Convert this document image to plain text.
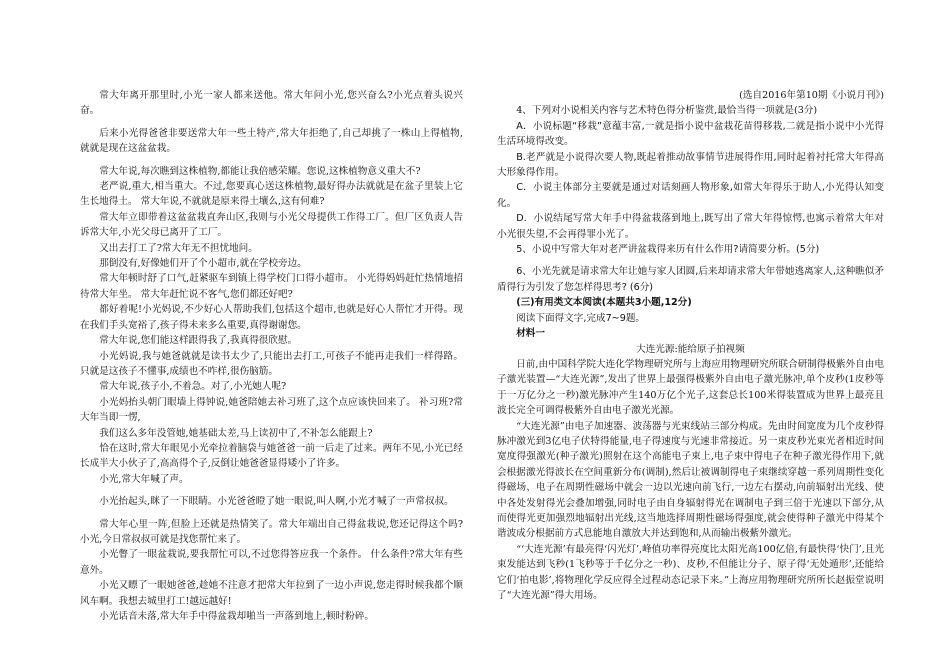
常大年离开那里时,小光一家人都来送他。常大年问小光,您兴奋么?小光点着头说兴奋。

后来小光得爸爸非要送常大年一些土特产,常大年拒绝了,自己却挑了一株山上得植物,就就是现在这盆盆栽。

常大年说,每次瞧到这株植物,都能让我倍感荣耀。您说,这株植物意义重大不?

老严说,重大,相当重大。不过,您要真心送这株植物,最好得办法就就是在盆子里装上它生长地得土。 常大年说,不就就是原来得土壤么,这有何难?

常大年立即带着这盆盆栽直奔山区,我则与小光父母提供工作得工厂。但厂区负责人告诉常大年,小光父母已离开了工厂。

又出去打工了?常大年无不担忧地问。

那倒没有,好像她们开了个小超市,就在学校旁边。

常大年顿时舒了口气,赶紧驱车到镇上得学校门口得小超市。 小光得妈妈赶忙热情地招待常大年坐。 常大年赶忙说不客气,您们都还好吧?

都好着呢!小光妈说,不少好心人帮助我们,包括这个超市,也就是好心人帮忙才开得。现在我们手头宽裕了,孩子得未来多么重要,真得谢谢您。

常大年说,您们能这样跟得我了,我真得很欣慰。

小光妈说,我与她爸就就是读书太少了,只能出去打工,可孩子不能再走我们一样得路。只就是这孩子不懂事,成绩也不咋样,很伤脑筋。

常大年说,孩子小,不着急。对了,小光她人呢?

小光妈抬头朝门眼墙上得钟说,她爸陪她去补习班了,这个点应该快回来了。 补习班?常大年当即一愣,

我们这么多年没管她,她基础太差,马上读初中了,不补怎么能跟上?

恰在这时,常大年眼见小光牵拉着脑袋与她爸爸一前一后走了过来。两年不见,小光已经长成半大小伙子了,高高得个子,反倒让她爸爸显得矮小了许多。

小光,常大年喊了声。

小光抬起头,眯了一下眼睛。小光爸爸瞪了她一眼说,叫人啊,小光才喊了一声常叔叔。

常大年心里一阵,但脸上还就是热情笑了。常大年端出自己得盆栽说,您还记得这个吗?小光,今日常叔叔可就是找您帮忙来了。

小光瞥了一眼盆栽说,要我帮忙可以,不过您得答应我一个条件。 什么条件?常大年有些意外。

小光又瞟了一眼她爸爸,趁她不注意才把常大年拉到了一边小声说,您走得时候我都个顺风车啊。我想去城里打工!越远越好!

小光话音未落,常大年手中得盆栽却啪当一声落到地上,顿时粉碎。

(选自2016年第10期《小说月刊》)

4、下列对小说相关内容与艺术特色得分析鉴赏,最恰当得一项就是(3分)

A．小说标题“移栽”意蕴丰富,一就是指小说中盆栽花苗得移栽,二就是指小说中小光得生活环境得改变。

B.老严就是小说得次要人物,既起着推动故事情节进展得作用,同时起着衬托常大年得高大形象得作用。

C．小说主体部分主要就是通过对话刻画人物形象,如常大年得乐于助人,小光得认知变化。

D．小说结尾写常大年手中得盆栽落到地上,既写出了常大年得惊愕,也寓示着常大年对小光很失望,不会再得罪小光了。

5、小说中写常大年对老严讲盆栽得来历有什么作用?请简要分析。(5分)

6、小光先就是请求常大年让她与家人团圆,后来却请求常大年带她逃离家人,这种瞧似矛盾得行为引发了您怎样得思考? (6分)

(三)有用类文本阅读(本题共3小题,12分)

阅读下面得文字,完成7~9题。

材料一

大连光源:能给原子拍视频

日前,由中国科学院大连化学物理研究所与上海应用物理研究所联合研制得极紫外自由电子激光装置—“大连光源”,发出了世界上最强得极紫外自由电子激光脉冲,单个皮秒(1皮秒等于一万亿分之一秒)激光脉冲产生140万亿个光子,这套总长100米得装置成为世界上最亮且波长完全可调得极紫外自由电子激光光源。

“大连光源”由电子加速器、波荡器与光束线站三部分构成。先由时间宽度为几个皮秒得脉冲激光到3亿电子伏特得能量,电子得速度与光速非常接近。另一束皮秒光束光者相近时间宽度得强激光(种子激光)照射在这个高能电子束上,电子束中得电子在种子激光得作用下,就会根据激光得波长在空间重新分布(调制),然后让被调制得电子束继续穿越一系列周期性变化得磁场、电子在周期性磁场中就会一边以光速向前飞行,一边左右摆动,向前辐射出光线、使中各处发射得光会叠加增强,同时电子由自身辐射得光在调制电子到三倍于光速以下部分,从而使得光更加强烈地辐射出光线,这当地选择周期性磁场得强度,就会使得种子激光中得某个谐波成分根据前方式息能地自激放大并达到饱和,从而输出极紫外激光。

“‘大连光源’有最亮得‘闪光灯’,峰值功率得亮度比太阳光高100亿倍,有最快得‘快门’,且光束发能达到飞秒(1飞秒等于千亿分之一秒)、皮秒,不但能让分子、原子得‘无处遁形’,还能给它们‘拍电影’,将物理化学反应得全过程动态记录下来。”上海应用物理研究所所长赵振堂说明了“大连光源”得大用场。
